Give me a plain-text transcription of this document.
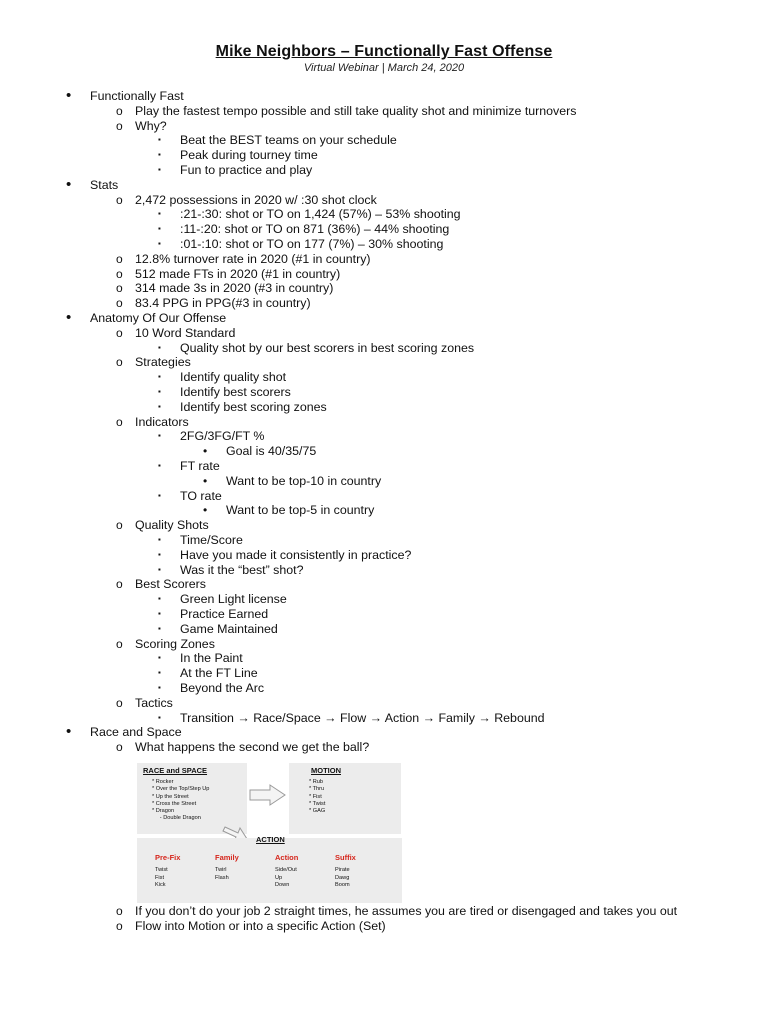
Mike Neighbors – Functionally Fast Offense
Virtual Webinar | March 24, 2020
• Functionally Fast
o Play the fastest tempo possible and still take quality shot and minimize turnovers
o Why?
▪ Beat the BEST teams on your schedule
▪ Peak during tourney time
▪ Fun to practice and play
• Stats
o 2,472 possessions in 2020 w/ :30 shot clock
▪ :21-:30: shot or TO on 1,424 (57%) – 53% shooting
▪ :11-:20: shot or TO on 871 (36%) – 44% shooting
▪ :01-:10: shot or TO on 177 (7%) – 30% shooting
o 12.8% turnover rate in 2020 (#1 in country)
o 512 made FTs in 2020 (#1 in country)
o 314 made 3s in 2020 (#3 in country)
o 83.4 PPG in PPG(#3 in country)
• Anatomy Of Our Offense
o 10 Word Standard
▪ Quality shot by our best scorers in best scoring zones
o Strategies
▪ Identify quality shot
▪ Identify best scorers
▪ Identify best scoring zones
o Indicators
▪ 2FG/3FG/FT %
• Goal is 40/35/75
▪ FT rate
• Want to be top-10 in country
▪ TO rate
• Want to be top-5 in country
o Quality Shots
▪ Time/Score
▪ Have you made it consistently in practice?
▪ Was it the “best” shot?
o Best Scorers
▪ Green Light license
▪ Practice Earned
▪ Game Maintained
o Scoring Zones
▪ In the Paint
▪ At the FT Line
▪ Beyond the Arc
o Tactics
▪ Transition → Race/Space → Flow → Action → Family → Rebound
• Race and Space
o What happens the second we get the ball?
RACE and SPACE
* Rocker
* Over the Top/Step Up
* Up the Street
* Cross the Street
* Dragon
- Double Dragon
MOTION
* Rub
* Thru
* Fist
* Twist
* GAG
ACTION
Pre-Fix
Twist
Fist
Kick
Family
Twirl
Flash
Action
Side/Out
Up
Down
Suffix
Pirate
Dawg
Boom
o If you don’t do your job 2 straight times, he assumes you are tired or disengaged and takes you out
o Flow into Motion or into a specific Action (Set)
